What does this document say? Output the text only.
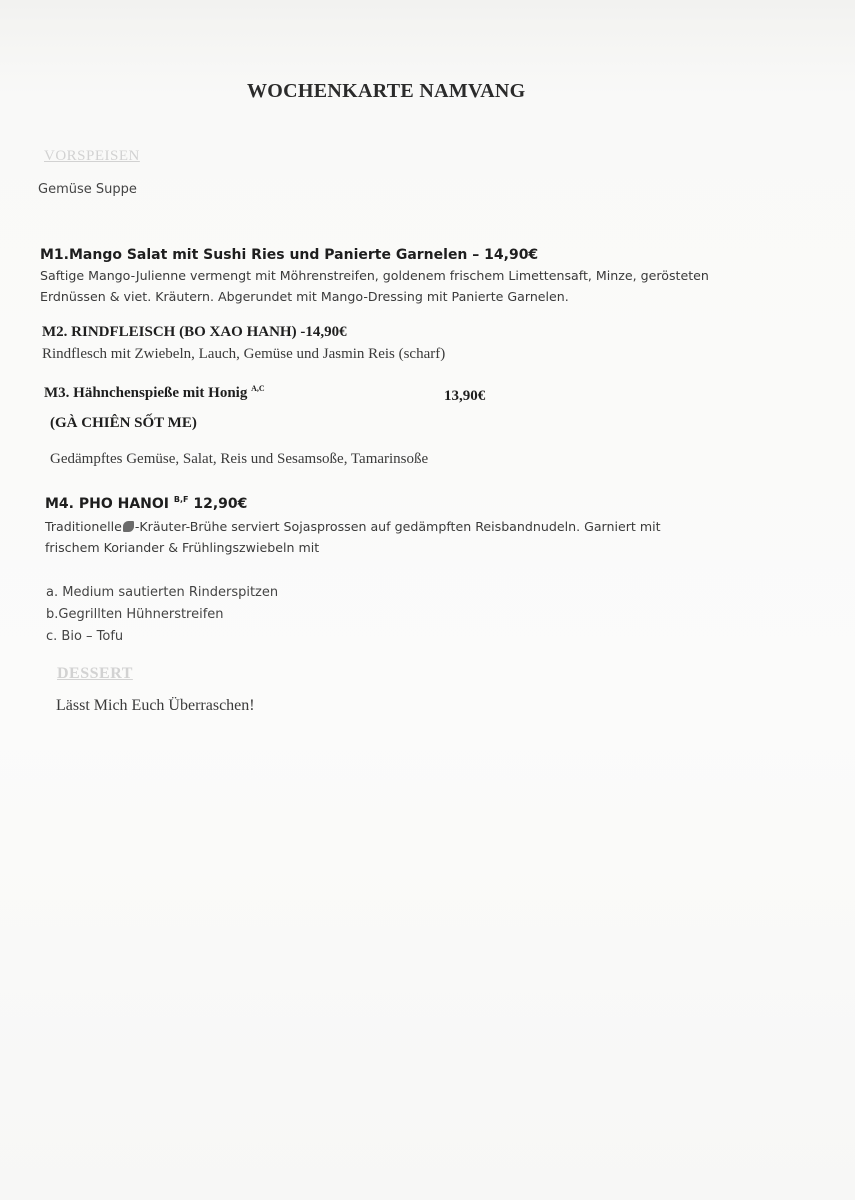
WOCHENKARTE NAMVANG
VORSPEISEN
Gemüse Suppe
M1.Mango Salat mit Sushi Ries und Panierte Garnelen – 14,90€
Saftige Mango-Julienne vermengt mit Möhrenstreifen, goldenem frischem Limettensaft, Minze, gerösteten
Erdnüssen & viet. Kräutern. Abgerundet mit Mango-Dressing mit Panierte Garnelen.
M2. RINDFLEISCH (BO XAO HANH) -14,90€
Rindflesch mit Zwiebeln, Lauch, Gemüse und Jasmin Reis (scharf)
M3. Hähnchenspieße mit Honig $^{A,C}$	13,90€
(GÀ CHIÊN SỐT ME)
Gedämpftes Gemüse, Salat, Reis und Sesamsoße, Tamarinsoße
M4. PHO HANOI $^{B,F}$ 12,90€
Traditionelle -Kräuter-Brühe serviert Sojasprossen auf gedämpften Reisbandnudeln. Garniert mit
frischem Koriander & Frühlingszwiebeln mit
a. Medium sautierten Rinderspitzen
b.Gegrillten Hühnerstreifen
c. Bio – Tofu
DESSERT
Lässt Mich Euch Überraschen!
